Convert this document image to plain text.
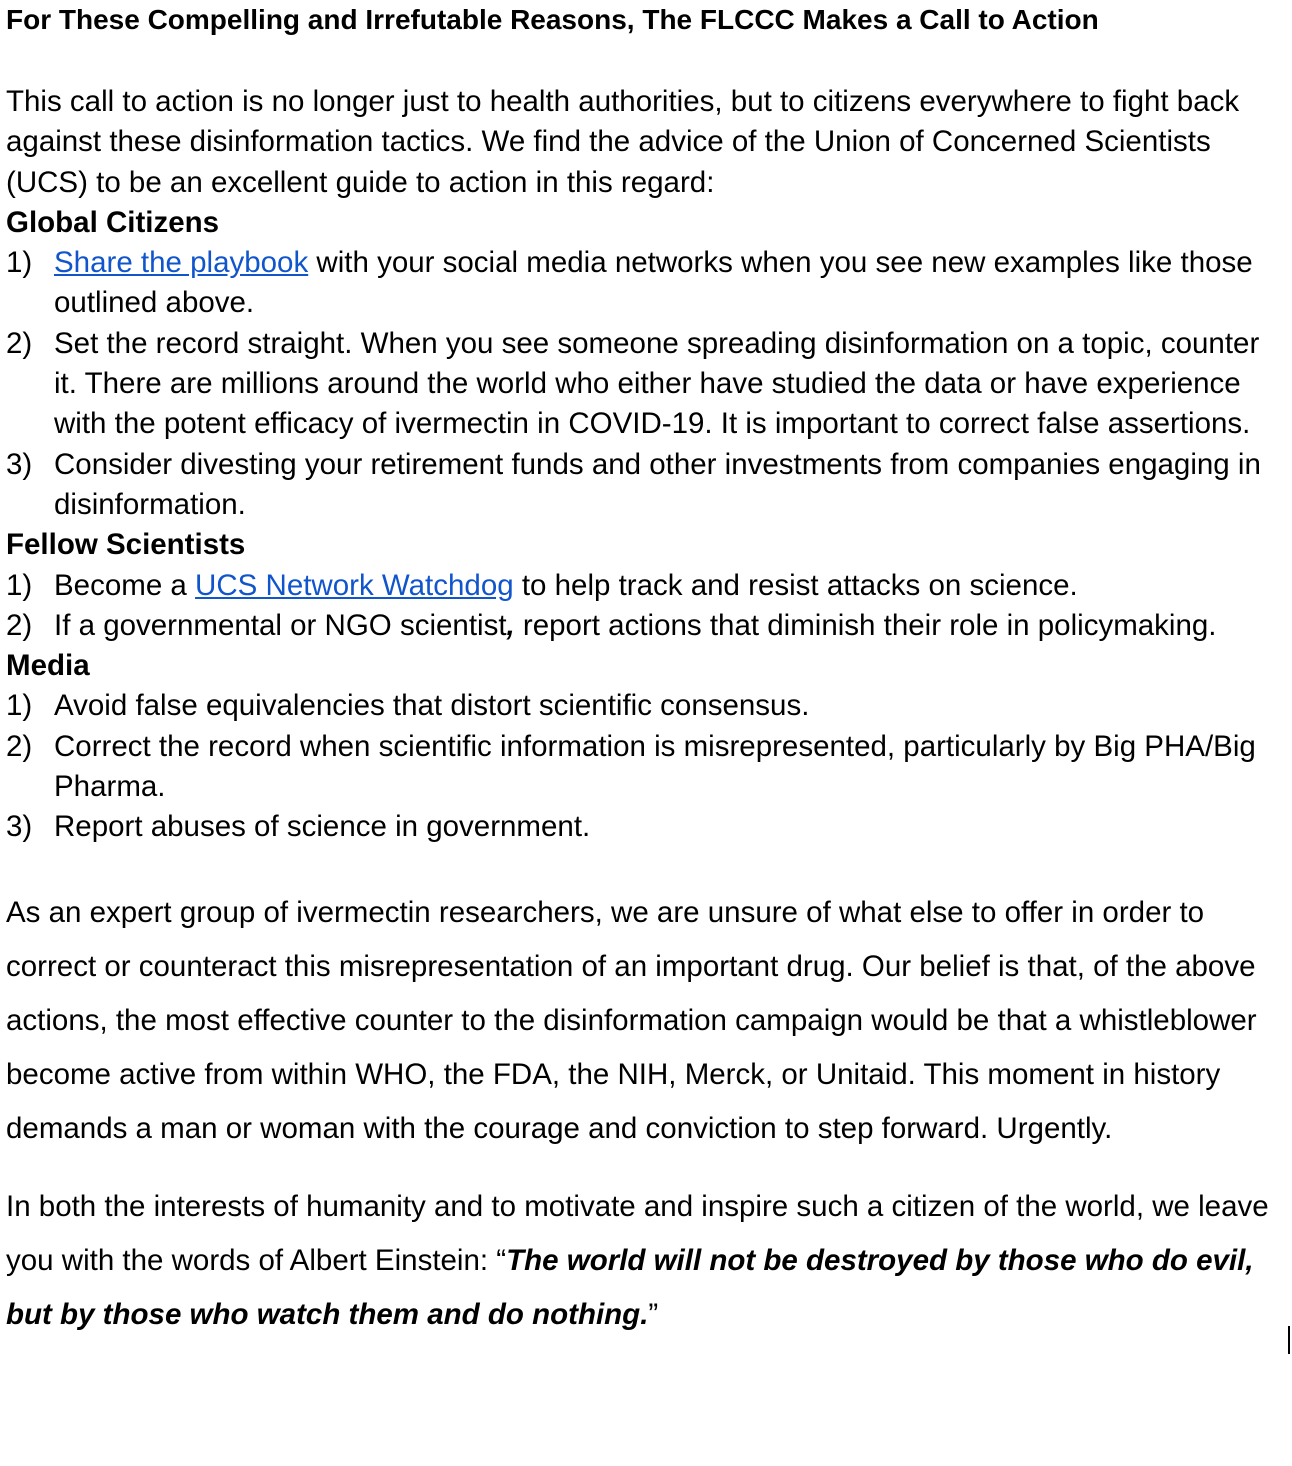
For These Compelling and Irrefutable Reasons, The FLCCC Makes a Call to Action

This call to action is no longer just to health authorities, but to citizens everywhere to fight back against these disinformation tactics. We find the advice of the Union of Concerned Scientists (UCS) to be an excellent guide to action in this regard:

Global Citizens
1) Share the playbook with your social media networks when you see new examples like those outlined above.
2) Set the record straight. When you see someone spreading disinformation on a topic, counter it. There are millions around the world who either have studied the data or have experience with the potent efficacy of ivermectin in COVID-19. It is important to correct false assertions.
3) Consider divesting your retirement funds and other investments from companies engaging in disinformation.
Fellow Scientists
1) Become a UCS Network Watchdog to help track and resist attacks on science.
2) If a governmental or NGO scientist, report actions that diminish their role in policymaking.
Media
1) Avoid false equivalencies that distort scientific consensus.
2) Correct the record when scientific information is misrepresented, particularly by Big PHA/Big Pharma.
3) Report abuses of science in government.

As an expert group of ivermectin researchers, we are unsure of what else to offer in order to correct or counteract this misrepresentation of an important drug. Our belief is that, of the above actions, the most effective counter to the disinformation campaign would be that a whistleblower become active from within WHO, the FDA, the NIH, Merck, or Unitaid. This moment in history demands a man or woman with the courage and conviction to step forward. Urgently.

In both the interests of humanity and to motivate and inspire such a citizen of the world, we leave you with the words of Albert Einstein: “The world will not be destroyed by those who do evil, but by those who watch them and do nothing.”
